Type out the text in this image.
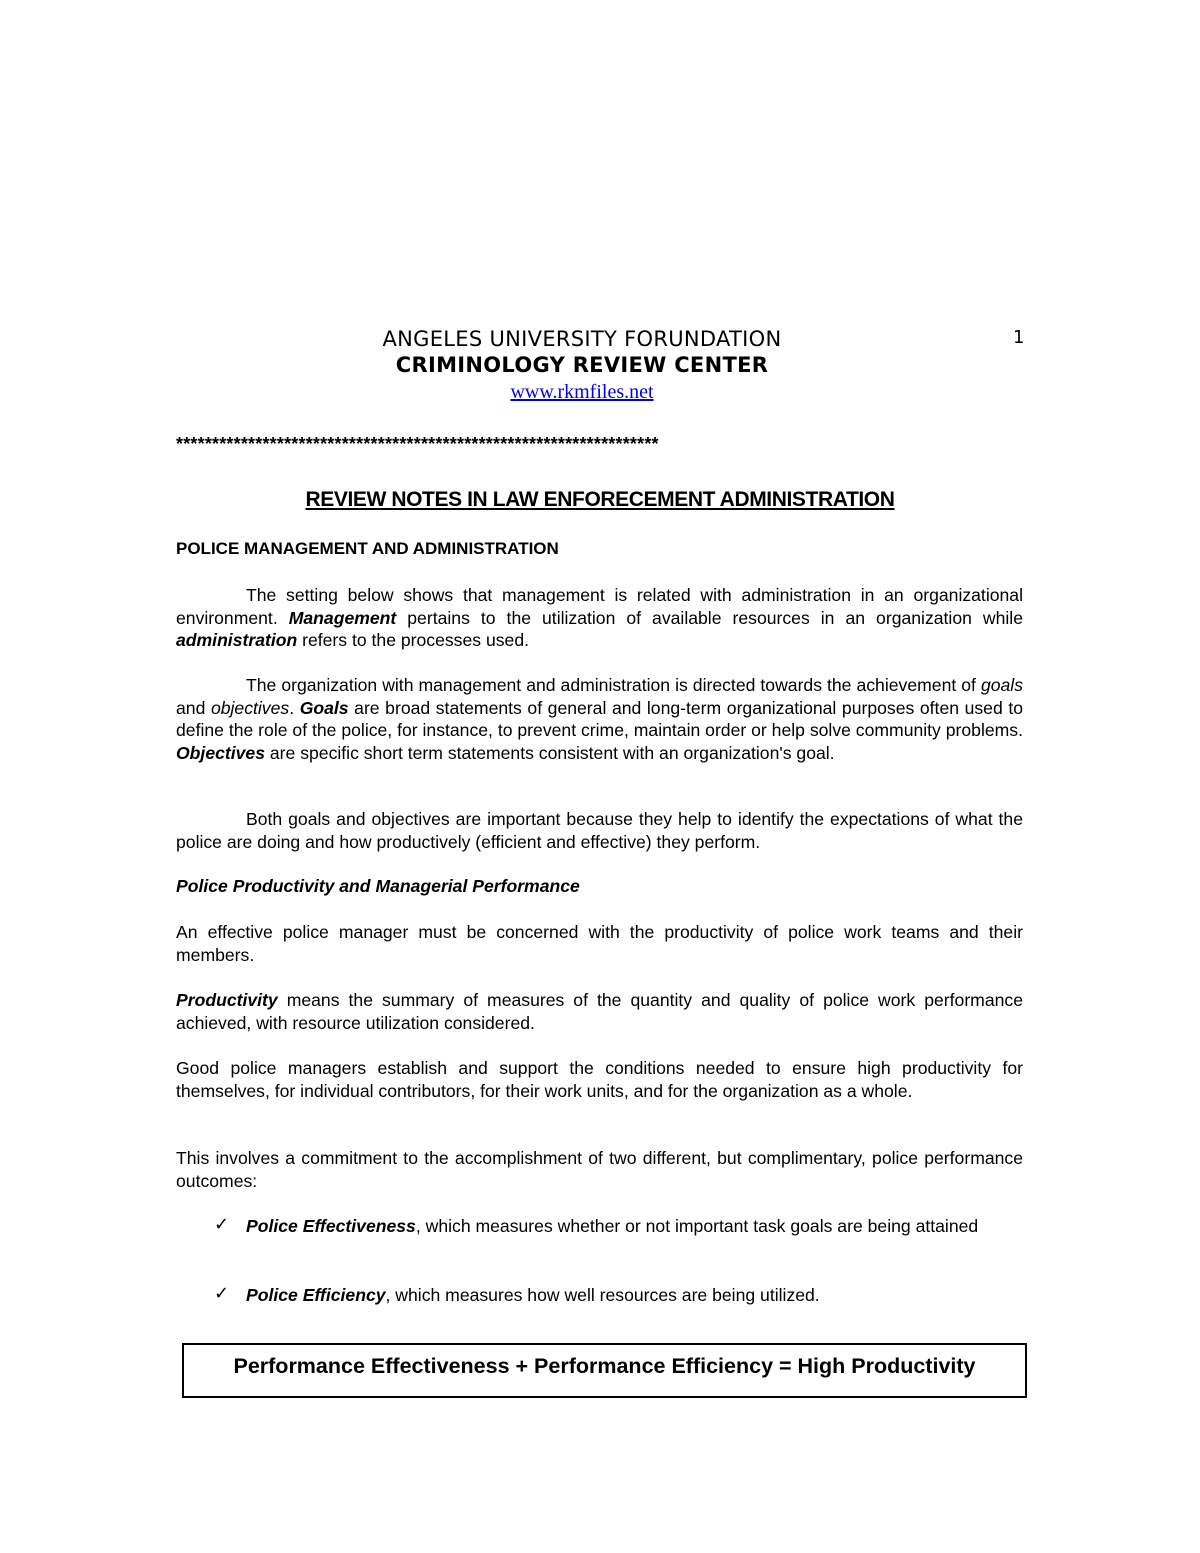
1
ANGELES UNIVERSITY FORUNDATION
CRIMINOLOGY REVIEW CENTER
www.rkmfiles.net
*******************************************************************
REVIEW NOTES IN LAW ENFORECEMENT ADMINISTRATION
POLICE MANAGEMENT AND ADMINISTRATION

The setting below shows that management is related with administration in an organizational environment. Management pertains to the utilization of available resources in an organization while administration refers to the processes used.

The organization with management and administration is directed towards the achievement of goals and objectives. Goals are broad statements of general and long-term organizational purposes often used to define the role of the police, for instance, to prevent crime, maintain order or help solve community problems. Objectives are specific short term statements consistent with an organization's goal.

Both goals and objectives are important because they help to identify the expectations of what the police are doing and how productively (efficient and effective) they perform.

Police Productivity and Managerial Performance

An effective police manager must be concerned with the productivity of police work teams and their members.

Productivity means the summary of measures of the quantity and quality of police work performance achieved, with resource utilization considered.

Good police managers establish and support the conditions needed to ensure high productivity for themselves, for individual contributors, for their work units, and for the organization as a whole.

This involves a commitment to the accomplishment of two different, but complimentary, police performance outcomes:

✓ Police Effectiveness, which measures whether or not important task goals are being attained

✓ Police Efficiency, which measures how well resources are being utilized.

Performance Effectiveness + Performance Efficiency = High Productivity
